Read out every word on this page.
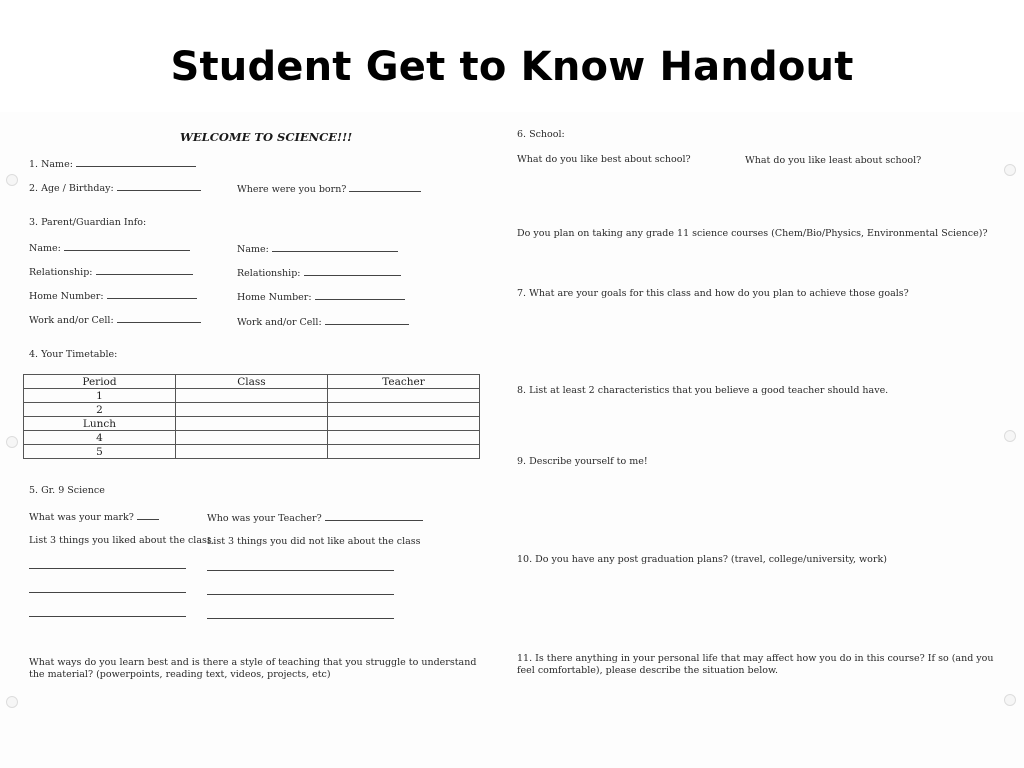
Student Get to Know Handout
WELCOME TO SCIENCE!!!
1. Name:
2. Age / Birthday:	Where were you born?
3. Parent/Guardian Info:
Name:	Name:
Relationship:	Relationship:
Home Number:	Home Number:
Work and/or Cell:	Work and/or Cell:
4. Your Timetable:
Period	Class	Teacher
1		
2		
Lunch		
4		
5		
5. Gr. 9 Science
What was your mark?	Who was your Teacher?
List 3 things you liked about the class
List 3 things you did not like about the class
What ways do you learn best and is there a style of teaching that you struggle to understand the material? (powerpoints, reading text, videos, projects, etc)
6. School:
What do you like best about school?	What do you like least about school?
Do you plan on taking any grade 11 science courses (Chem/Bio/Physics, Environmental Science)?
7. What are your goals for this class and how do you plan to achieve those goals?
8. List at least 2 characteristics that you believe a good teacher should have.
9. Describe yourself to me!
10. Do you have any post graduation plans? (travel, college/university, work)
11. Is there anything in your personal life that may affect how you do in this course? If so (and you feel comfortable), please describe the situation below.
